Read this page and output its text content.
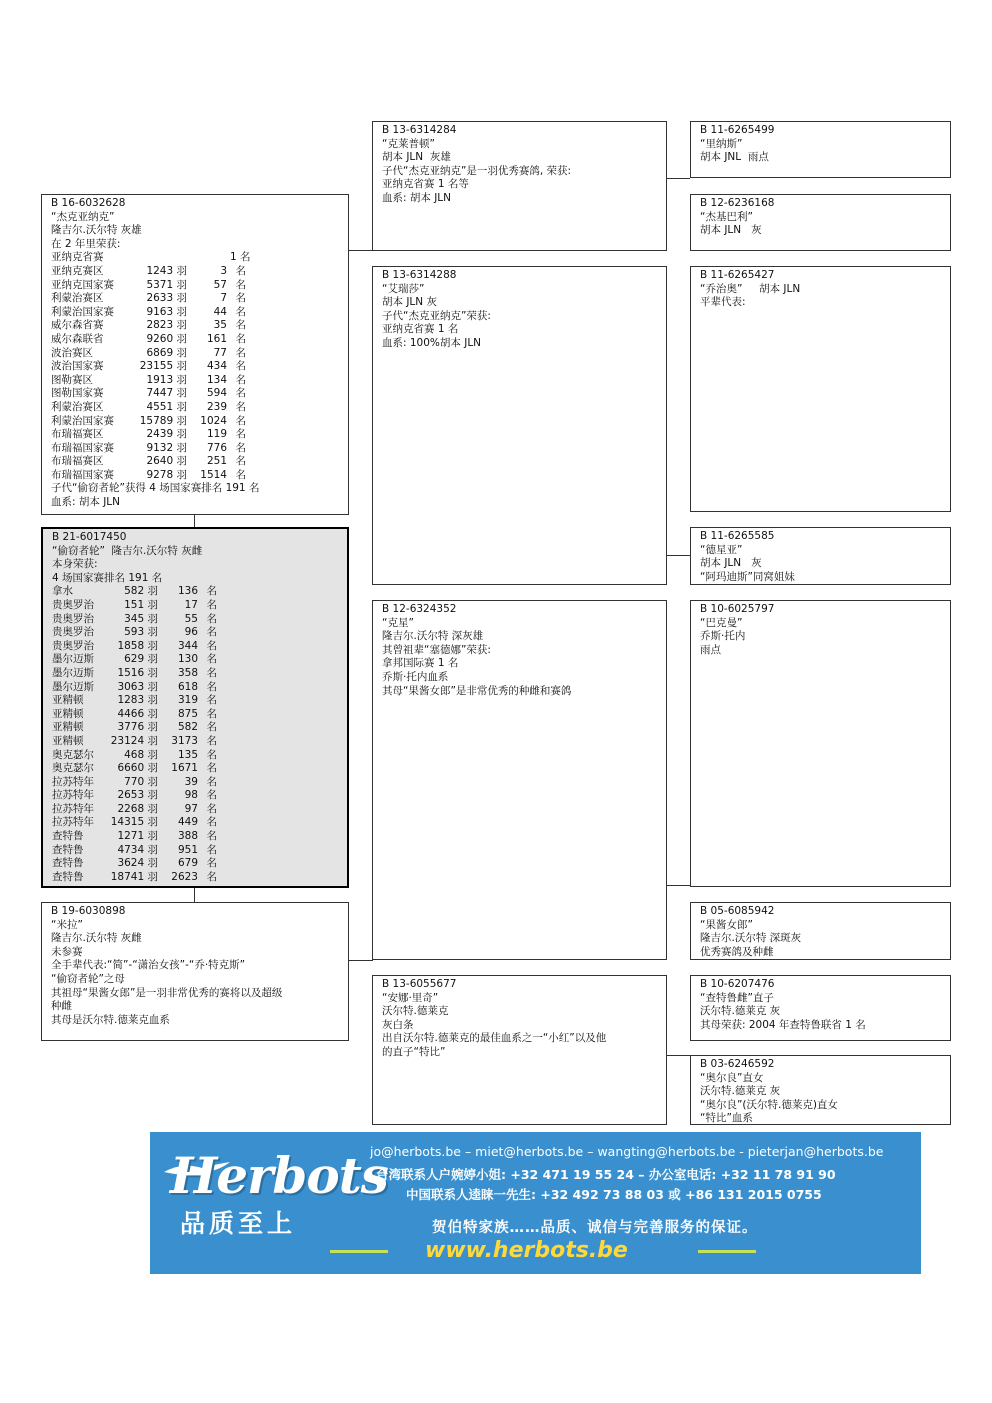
B 16-6032628
“杰克亚纳克”
隆吉尔.沃尔特 灰雄
在 2 年里荣获:
亚纳克省赛	1 名
亚纳克赛区	1243 羽	3 名
亚纳克国家赛	5371 羽	57 名
利蒙治赛区	2633 羽	7 名
利蒙治国家赛	9163 羽	44 名
威尔森省赛	2823 羽	35 名
威尔森联省	9260 羽 161 名
波治赛区	6869 羽	77 名
波治国家赛	23155 羽 434 名
图勒赛区	1913 羽 134 名
图勒国家赛	7447 羽 594 名
利蒙治赛区	4551 羽 239 名
利蒙治国家赛 15789 羽 1024 名
布瑞福赛区	2439 羽 119 名
布瑞福国家赛	9132 羽 776 名
布瑞福赛区	2640 羽 251 名
布瑞福国家赛	9278 羽 1514 名
子代“偷窃者轮”获得 4 场国家赛排名 191 名
血系: 胡本 JLN
B 21-6017450
“偷窃者轮”  隆吉尔.沃尔特 灰雌
本身荣获:
4 场国家赛排名 191 名
拿水	582 羽 136 名
贵奥罗治	151 羽	17 名
贵奥罗治	345 羽	55 名
贵奥罗治	593 羽	96 名
贵奥罗治 1858 羽 344 名
墨尔迈斯	629 羽 130 名
墨尔迈斯 1516 羽 358 名
墨尔迈斯 3063 羽 618 名
亚精顿	1283 羽 319 名
亚精顿	4466 羽 875 名
亚精顿	3776 羽 582 名
亚精顿	23124 羽 3173 名
奥克瑟尔	468 羽 135 名
奥克瑟尔 6660 羽 1671 名
拉苏特年	770 羽	39 名
拉苏特年 2653 羽	98 名
拉苏特年 2268 羽	97 名
拉苏特年 14315 羽 449 名
查特鲁	1271 羽 388 名
查特鲁	4734 羽 951 名
查特鲁	3624 羽 679 名
查特鲁	18741 羽 2623 名
B 19-6030898
“米拉”
隆吉尔.沃尔特 灰雌
未参赛
全手辈代表:“简”-“潇治女孩”-“乔·特克斯”
“偷窃者轮”之母
其祖母“果酱女郎”是一羽非常优秀的赛将以及超级
种雌
其母是沃尔特.德莱克血系
B 13-6314284
“克莱普顿”
胡本 JLN  灰雄
子代“杰克亚纳克”是一羽优秀赛鸽, 荣获:
亚纳克省赛 1 名等
血系: 胡本 JLN
B 13-6314288
“艾瑞莎”
胡本 JLN 灰
子代“杰克亚纳克”荣获:
亚纳克省赛 1 名
血系: 100%胡本 JLN
B 12-6324352
“克星”
隆吉尔.沃尔特 深灰雄
其曾祖辈“塞德娜”荣获:
拿邦国际赛 1 名
乔斯·托内血系
其母“果酱女郎”是非常优秀的种雌和赛鸽
B 13-6055677
“安娜·里奇”
沃尔特.德莱克
灰白条
出自沃尔特.德莱克的最佳血系之一“小红”以及他
的直子“特比”
B 11-6265499
“里纳斯”
胡本 JNL  雨点
B 12-6236168
“杰基巴利”
胡本 JLN   灰
B 11-6265427
“乔治奥”     胡本 JLN
平辈代表:
B 11-6265585
“德星亚”
胡本 JLN   灰
“阿玛迪斯”同窝姐妹
B 10-6025797
“巴克曼”
乔斯·托内
雨点
B 05-6085942
“果酱女郎”
隆吉尔.沃尔特 深斑灰
优秀赛鸽及种雌
B 10-6207476
“查特鲁雌”直子
沃尔特.德莱克 灰
其母荣获: 2004 年查特鲁联省 1 名
B 03-6246592
“奥尔良”直女
沃尔特.德莱克 灰
“奥尔良”(沃尔特.德莱克)直女
“特比”血系
Herbots
品质至上
jo@herbots.be – miet@herbots.be – wangting@herbots.be - pieterjan@herbots.be
台湾联系人户婉婷小姐: +32 471 19 55 24 – 办公室电话: +32 11 78 91 90
中国联系人逵睐一先生: +32 492 73 88 03 或 +86 131 2015 0755
贺伯特家族……品质、诚信与完善服务的保证。
www.herbots.be
